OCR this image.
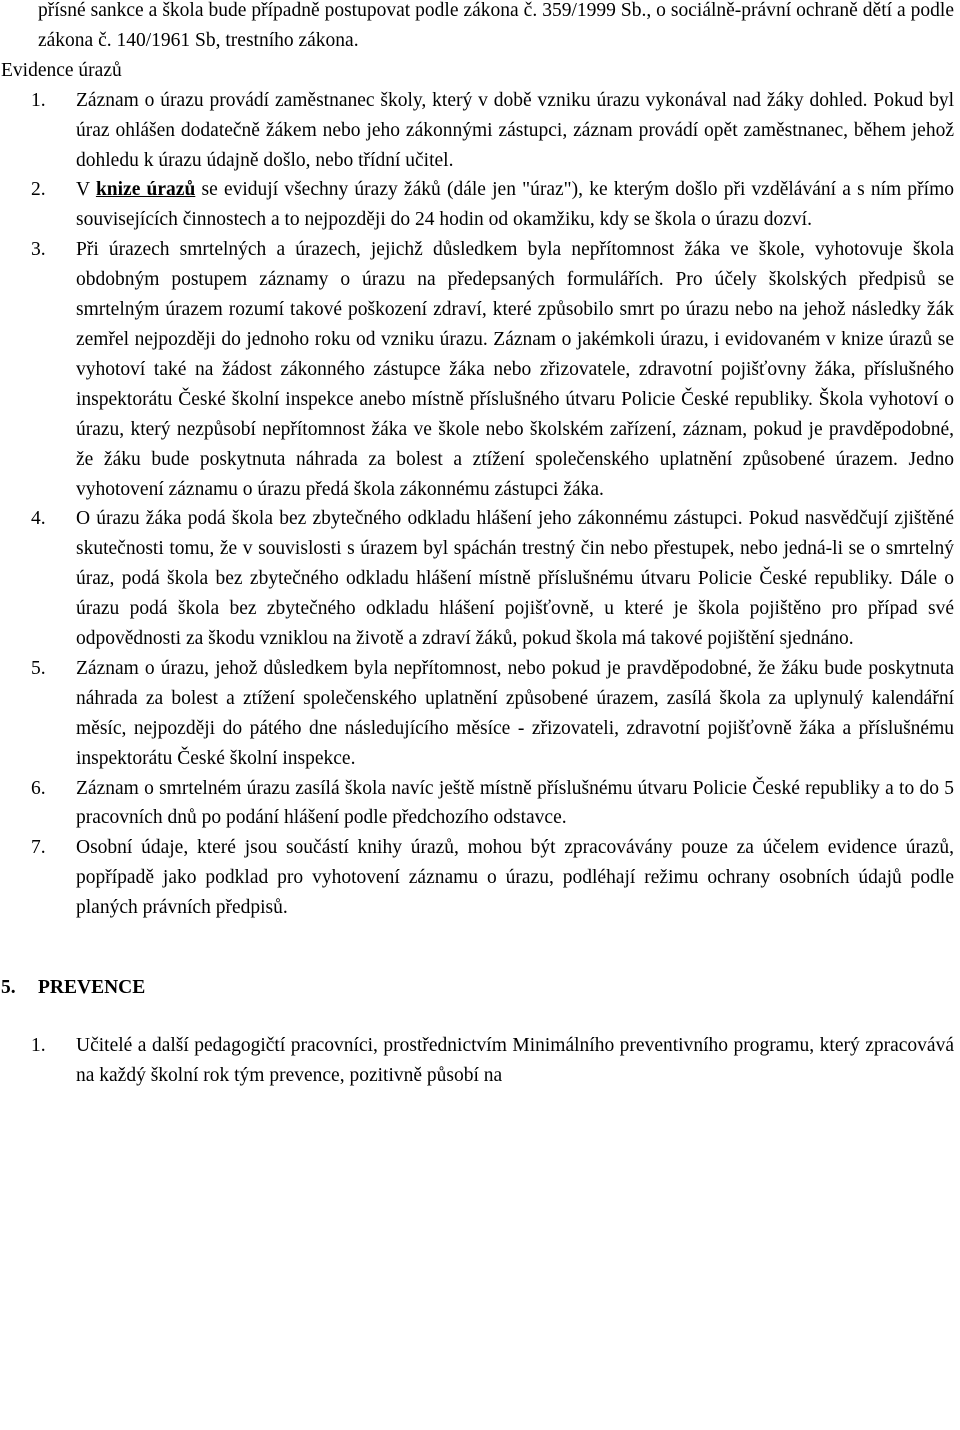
přísné sankce a škola bude případně postupovat podle zákona č. 359/1999 Sb., o sociálně-právní ochraně dětí a podle zákona č. 140/1961 Sb, trestního zákona.

Evidence úrazů

1. Záznam o úrazu provádí zaměstnanec školy, který v době vzniku úrazu vykonával nad žáky dohled. Pokud byl úraz ohlášen dodatečně žákem nebo jeho zákonnými zástupci, záznam provádí opět zaměstnanec, během jehož dohledu k úrazu údajně došlo, nebo třídní učitel.
2. V knize úrazů se evidují všechny úrazy žáků (dále jen "úraz"), ke kterým došlo při vzdělávání a s ním přímo souvisejících činnostech a to nejpozději do 24 hodin od okamžiku, kdy se škola o úrazu dozví.
3. Při úrazech smrtelných a úrazech, jejichž důsledkem byla nepřítomnost žáka ve škole, vyhotovuje škola obdobným postupem záznamy o úrazu na předepsaných formulářích. Pro účely školských předpisů se smrtelným úrazem rozumí takové poškození zdraví, které způsobilo smrt po úrazu nebo na jehož následky žák zemřel nejpozději do jednoho roku od vzniku úrazu. Záznam o jakémkoli úrazu, i evidovaném v knize úrazů se vyhotoví také na žádost zákonného zástupce žáka nebo zřizovatele, zdravotní pojišťovny žáka, příslušného inspektorátu České školní inspekce anebo místně příslušného útvaru Policie České republiky. Škola vyhotoví o úrazu, který nezpůsobí nepřítomnost žáka ve škole nebo školském zařízení, záznam, pokud je pravděpodobné, že žáku bude poskytnuta náhrada za bolest a ztížení společenského uplatnění způsobené úrazem. Jedno vyhotovení záznamu o úrazu předá škola zákonnému zástupci žáka.
4. O úrazu žáka podá škola bez zbytečného odkladu hlášení jeho zákonnému zástupci. Pokud nasvědčují zjištěné skutečnosti tomu, že v souvislosti s úrazem byl spáchán trestný čin nebo přestupek, nebo jedná-li se o smrtelný úraz, podá škola bez zbytečného odkladu hlášení místně příslušnému útvaru Policie České republiky. Dále o úrazu podá škola bez zbytečného odkladu hlášení pojišťovně, u které je škola pojištěno pro případ své odpovědnosti za škodu vzniklou na životě a zdraví žáků, pokud škola má takové pojištění sjednáno.
5. Záznam o úrazu, jehož důsledkem byla nepřítomnost, nebo pokud je pravděpodobné, že žáku bude poskytnuta náhrada za bolest a ztížení společenského uplatnění způsobené úrazem, zasílá škola za uplynulý kalendářní měsíc, nejpozději do pátého dne následujícího měsíce - zřizovateli, zdravotní pojišťovně žáka a příslušnému inspektorátu České školní inspekce.
6. Záznam o smrtelném úrazu zasílá škola navíc ještě místně příslušnému útvaru Policie České republiky a to do 5 pracovních dnů po podání hlášení podle předchozího odstavce.
7. Osobní údaje, které jsou součástí knihy úrazů, mohou být zpracovávány pouze za účelem evidence úrazů, popřípadě jako podklad pro vyhotovení záznamu o úrazu, podléhají režimu ochrany osobních údajů podle planých právních předpisů.

5. PREVENCE

1. Učitelé a další pedagogičtí pracovníci, prostřednictvím Minimálního preventivního programu, který zpracovává na každý školní rok tým prevence, pozitivně působí na
